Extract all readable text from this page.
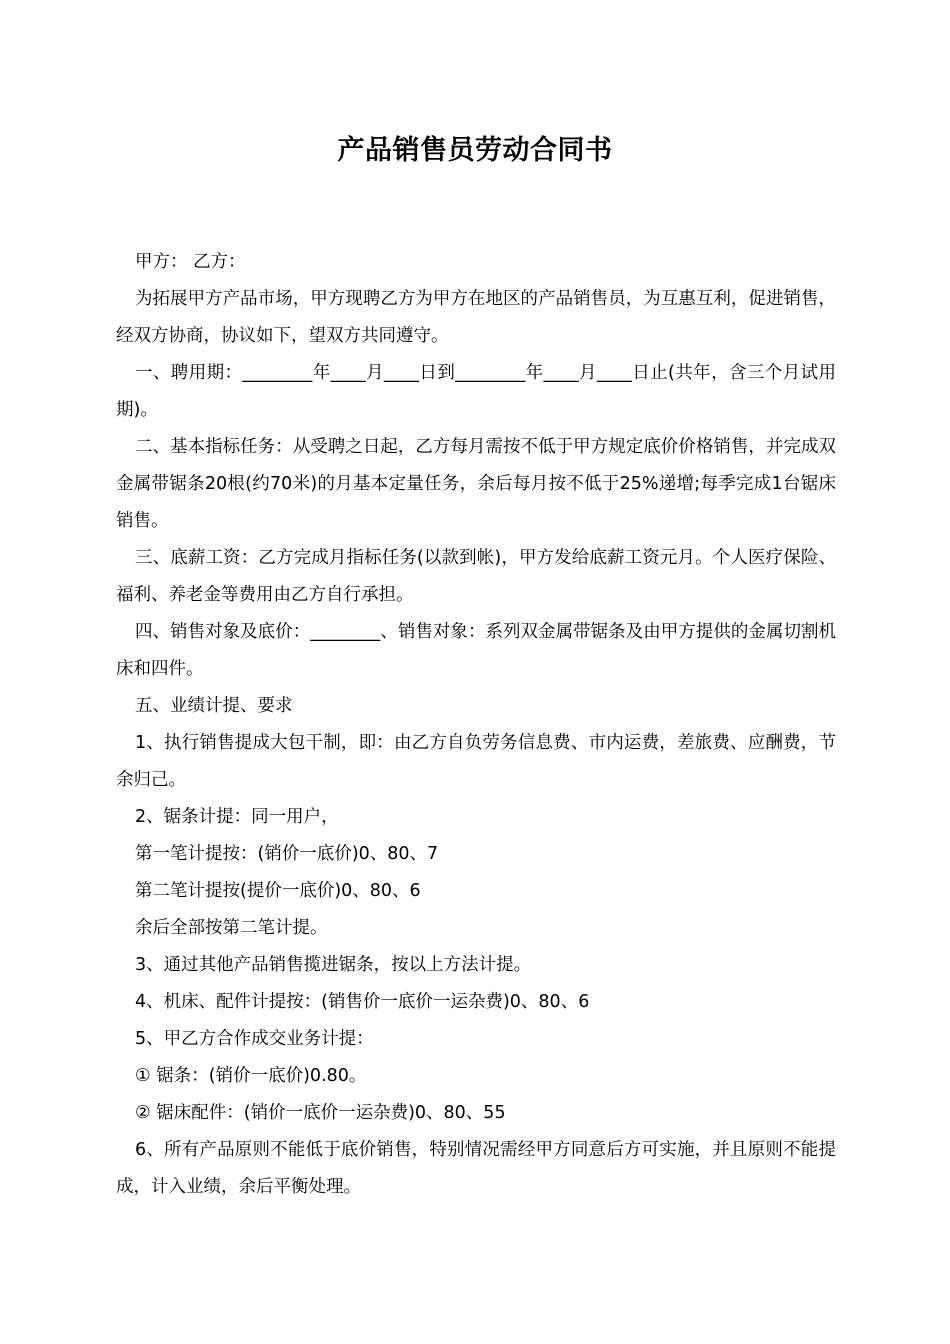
产品销售员劳动合同书

甲方： 乙方：

为拓展甲方产品市场，甲方现聘乙方为甲方在地区的产品销售员，为互惠互利，促进销售，经双方协商，协议如下，望双方共同遵守。

一、聘用期：________年____月____日到________年____月____日止(共年，含三个月试用期)。

二、基本指标任务：从受聘之日起，乙方每月需按不低于甲方规定底价价格销售，并完成双金属带锯条20根(约70米)的月基本定量任务，余后每月按不低于25%递增;每季完成1台锯床销售。

三、底薪工资：乙方完成月指标任务(以款到帐)，甲方发给底薪工资元月。个人医疗保险、福利、养老金等费用由乙方自行承担。

四、销售对象及底价：________、销售对象：系列双金属带锯条及由甲方提供的金属切割机床和四件。

五、业绩计提、要求

1、执行销售提成大包干制，即：由乙方自负劳务信息费、市内运费，差旅费、应酬费，节余归己。

2、锯条计提：同一用户，

第一笔计提按：(销价一底价)0、80、7

第二笔计提按(提价一底价)0、80、6

余后全部按第二笔计提。

3、通过其他产品销售揽进锯条，按以上方法计提。

4、机床、配件计提按：(销售价一底价一运杂费)0、80、6

5、甲乙方合作成交业务计提：

① 锯条：(销价一底价)0.80。

② 锯床配件：(销价一底价一运杂费)0、80、55

6、所有产品原则不能低于底价销售，特别情况需经甲方同意后方可实施，并且原则不能提成，计入业绩，余后平衡处理。
